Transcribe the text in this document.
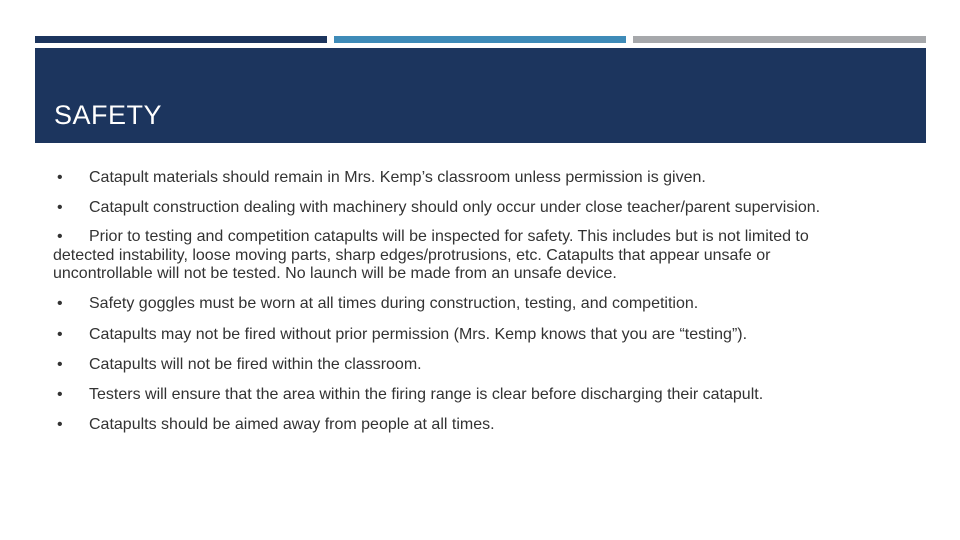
SAFETY

• Catapult materials should remain in Mrs. Kemp’s classroom unless permission is given.

• Catapult construction dealing with machinery should only occur under close teacher/parent supervision.

• Prior to testing and competition catapults will be inspected for safety. This includes but is not limited to
detected instability, loose moving parts, sharp edges/protrusions, etc. Catapults that appear unsafe or
uncontrollable will not be tested. No launch will be made from an unsafe device.

• Safety goggles must be worn at all times during construction, testing, and competition.

• Catapults may not be fired without prior permission (Mrs. Kemp knows that you are “testing”).

• Catapults will not be fired within the classroom.

• Testers will ensure that the area within the firing range is clear before discharging their catapult.

• Catapults should be aimed away from people at all times.
